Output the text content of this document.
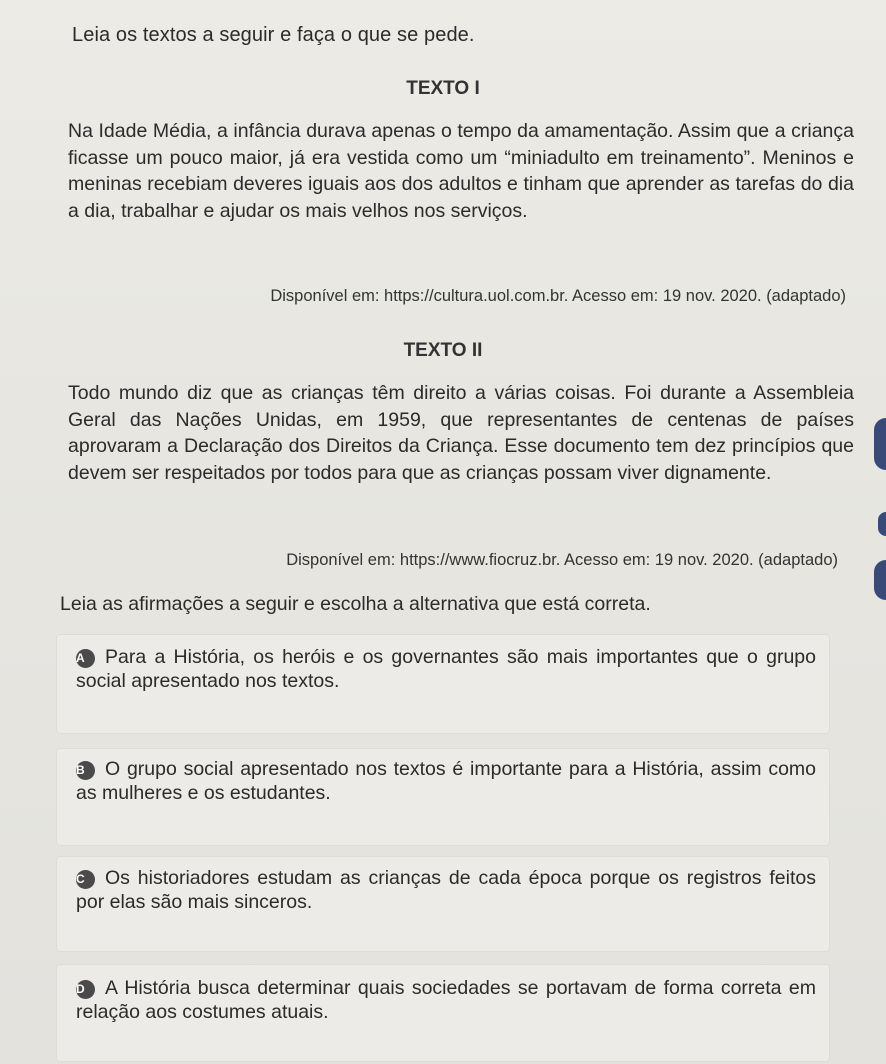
Leia os textos a seguir e faça o que se pede.
TEXTO I
Na Idade Média, a infância durava apenas o tempo da amamentação. Assim que a criança ficasse um pouco maior, já era vestida como um “miniadulto em treinamento”. Meninos e meninas recebiam deveres iguais aos dos adultos e tinham que aprender as tarefas do dia a dia, trabalhar e ajudar os mais velhos nos serviços.
Disponível em: https://cultura.uol.com.br. Acesso em: 19 nov. 2020. (adaptado)
TEXTO II
Todo mundo diz que as crianças têm direito a várias coisas. Foi durante a Assembleia Geral das Nações Unidas, em 1959, que representantes de centenas de países aprovaram a Declaração dos Direitos da Criança. Esse documento tem dez princípios que devem ser respeitados por todos para que as crianças possam viver dignamente.
Disponível em: https://www.fiocruz.br. Acesso em: 19 nov. 2020. (adaptado)
Leia as afirmações a seguir e escolha a alternativa que está correta.
A Para a História, os heróis e os governantes são mais importantes que o grupo social apresentado nos textos.
B O grupo social apresentado nos textos é importante para a História, assim como as mulheres e os estudantes.
C Os historiadores estudam as crianças de cada época porque os registros feitos por elas são mais sinceros.
D A História busca determinar quais sociedades se portavam de forma correta em relação aos costumes atuais.
